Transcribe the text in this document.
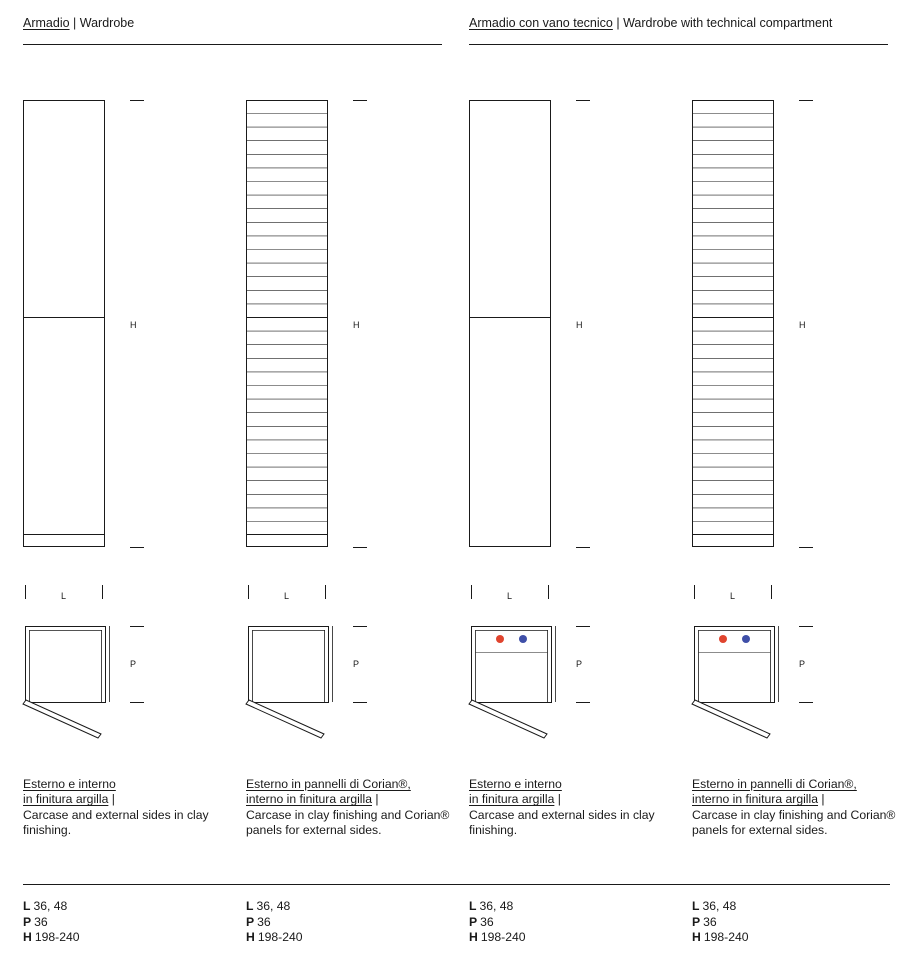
Armadio | Wardrobe	Armadio con vano tecnico | Wardrobe with technical compartment
H
L
P
Esterno e interno
in finitura argilla |
Carcase and external sides in clay finishing.
L 36, 48
P 36
H 198-240
H
L
P
Esterno in pannelli di Corian®,
interno in finitura argilla |
Carcase in clay finishing and Corian® panels for external sides.
L 36, 48
P 36
H 198-240
H
L
P
Esterno e interno
in finitura argilla |
Carcase and external sides in clay finishing.
L 36, 48
P 36
H 198-240
H
L
P
Esterno in pannelli di Corian®,
interno in finitura argilla |
Carcase in clay finishing and Corian® panels for external sides.
L 36, 48
P 36
H 198-240
